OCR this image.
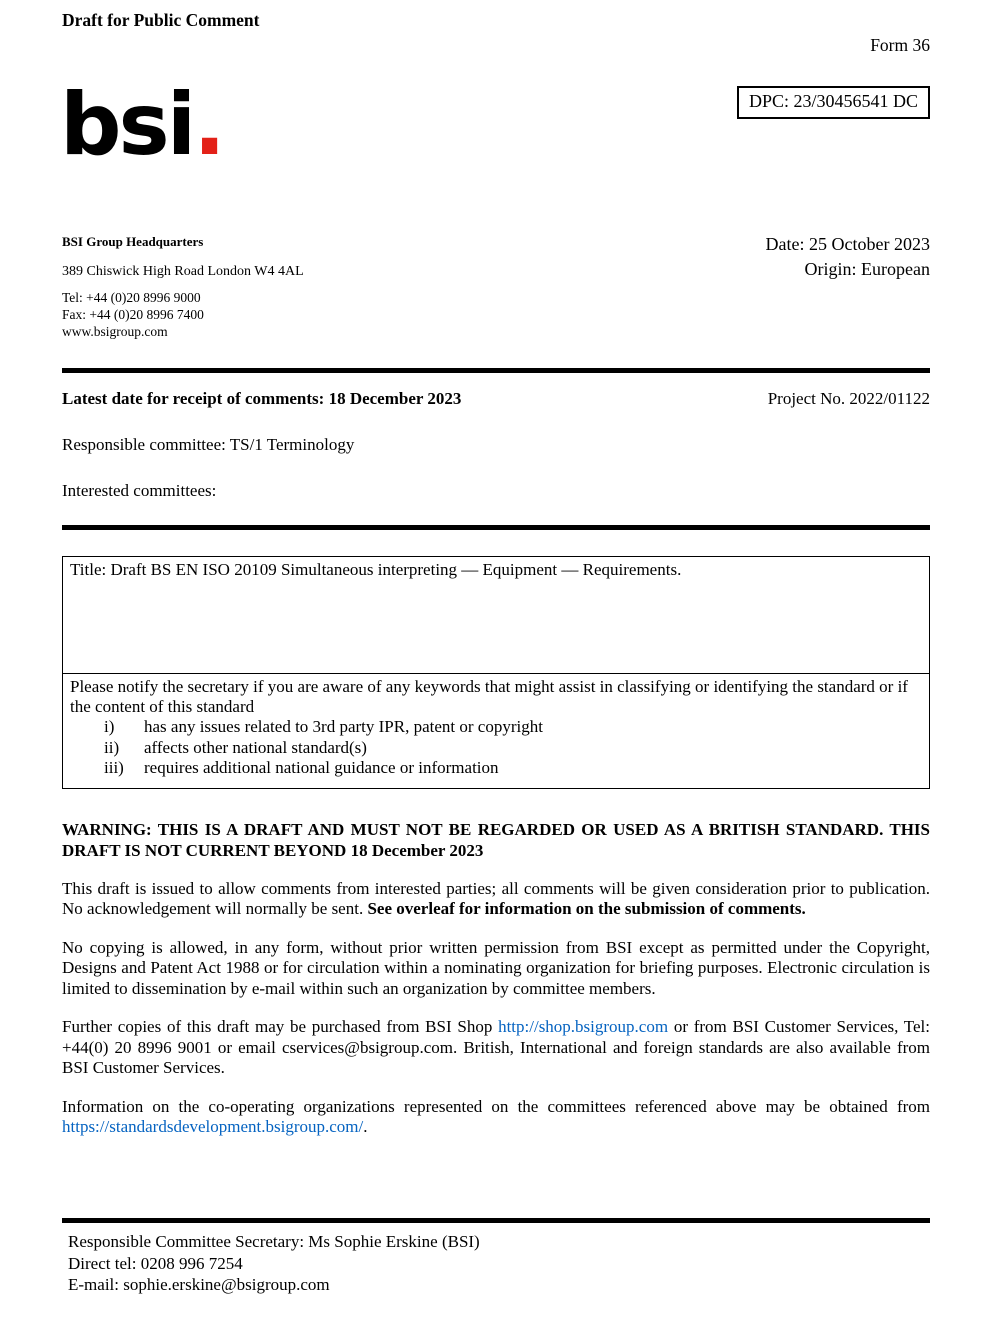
Draft for Public Comment
Form 36
DPC: 23/30456541 DC
bsi.
BSI Group Headquarters
389 Chiswick High Road London W4 4AL
Tel: +44 (0)20 8996 9000
Fax: +44 (0)20 8996 7400
www.bsigroup.com
Date: 25 October 2023
Origin: European
Latest date for receipt of comments: 18 December 2023	Project No. 2022/01122
Responsible committee: TS/1 Terminology
Interested committees:
Title: Draft BS EN ISO 20109 Simultaneous interpreting — Equipment — Requirements.
Please notify the secretary if you are aware of any keywords that might assist in classifying or identifying the standard or if the content of this standard
i) has any issues related to 3rd party IPR, patent or copyright
ii) affects other national standard(s)
iii) requires additional national guidance or information
WARNING: THIS IS A DRAFT AND MUST NOT BE REGARDED OR USED AS A BRITISH STANDARD. THIS DRAFT IS NOT CURRENT BEYOND 18 December 2023

This draft is issued to allow comments from interested parties; all comments will be given consideration prior to publication. No acknowledgement will normally be sent. See overleaf for information on the submission of comments.

No copying is allowed, in any form, without prior written permission from BSI except as permitted under the Copyright, Designs and Patent Act 1988 or for circulation within a nominating organization for briefing purposes. Electronic circulation is limited to dissemination by e-mail within such an organization by committee members.

Further copies of this draft may be purchased from BSI Shop http://shop.bsigroup.com or from BSI Customer Services, Tel: +44(0) 20 8996 9001 or email cservices@bsigroup.com. British, International and foreign standards are also available from BSI Customer Services.

Information on the co-operating organizations represented on the committees referenced above may be obtained from https://standardsdevelopment.bsigroup.com/.

Responsible Committee Secretary: Ms Sophie Erskine (BSI)
Direct tel: 0208 996 7254
E-mail: sophie.erskine@bsigroup.com
